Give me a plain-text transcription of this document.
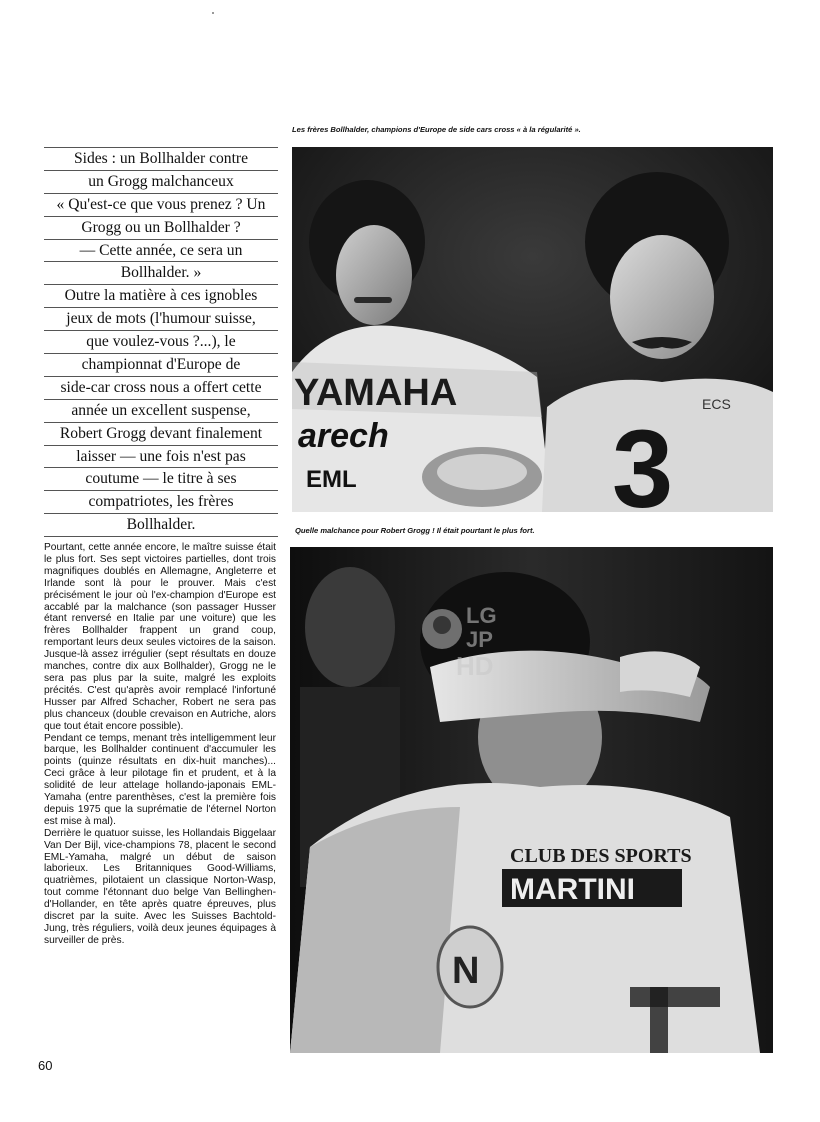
Les frères Bollhalder, champions d'Europe de side cars cross « à la régularité ».
Sides : un Bollhalder contre
un Grogg malchanceux
« Qu'est-ce que vous prenez ? Un
Grogg ou un Bollhalder ?
— Cette année, ce sera un
Bollhalder. »
Outre la matière à ces ignobles
jeux de mots (l'humour suisse,
que voulez-vous ?...), le
championnat d'Europe de
side-car cross nous a offert cette
année un excellent suspense,
Robert Grogg devant finalement
laisser — une fois n'est pas
coutume — le titre à ses
compatriotes, les frères
Bollhalder.
YAMAHA
arech
EML 3
ECS
Quelle malchance pour Robert Grogg ! Il était pourtant le plus fort.

Pourtant, cette année encore, le maître suisse était le plus fort. Ses sept victoires partielles, dont trois magnifiques doublés en Allemagne, Angleterre et Irlande sont là pour le prouver. Mais c'est précisément le jour où l'ex-champion d'Europe est accablé par la malchance (son passager Husser étant renversé en Italie par une voiture) que les frères Bollhalder frappent un grand coup, remportant leurs deux seules victoires de la saison. Jusque-là assez irrégulier (sept résultats en douze manches, contre dix aux Bollhalder), Grogg ne le sera pas plus par la suite, malgré les exploits précités. C'est qu'après avoir remplacé l'infortuné Husser par Alfred Schacher, Robert ne sera pas plus chanceux (double crevaison en Autriche, alors que tout était encore possible).

Pendant ce temps, menant très intelligemment leur barque, les Bollhalder continuent d'accumuler les points (quinze résultats en dix-huit manches)... Ceci grâce à leur pilotage fin et prudent, et à la solidité de leur attelage hollando-japonais EML-Yamaha (entre parenthèses, c'est la première fois depuis 1975 que la suprématie de l'éternel Norton est mise à mal).

Derrière le quatuor suisse, les Hollandais Biggelaar Van Der Bijl, vice-champions 78, placent le second EML-Yamaha, malgré un début de saison laborieux. Les Britanniques Good-Williams, quatrièmes, pilotaient un classique Norton-Wasp, tout comme l'étonnant duo belge Van Bellinghen-d'Hollander, en tête après quatre épreuves, plus discret par la suite. Avec les Suisses Bachtold-Jung, très réguliers, voilà deux jeunes équipages à surveiller de près.

N
CLUB DES SPORTS
MARTINI
LG
JP
HD
60
